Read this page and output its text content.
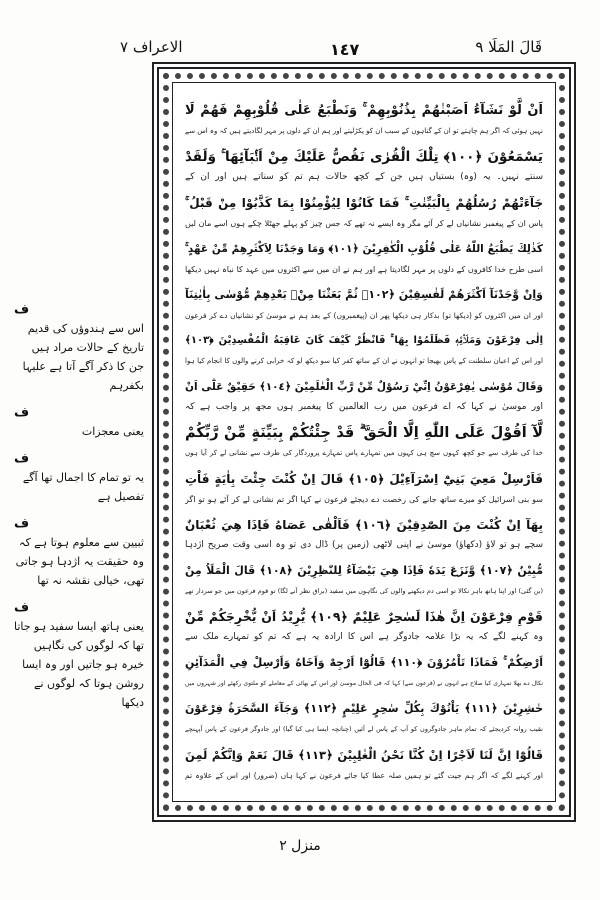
قَالَ المَلَا ٩
١٤٧
الاعراف ٧
اَنْ لَّوْ نَشَآءُ اَصَبْنٰهُمْ بِذُنُوْبِهِمْ ۚ وَنَطْبَعُ عَلٰى قُلُوْبِهِمْ فَهُمْ لَا
نہیں ہوئی کہ اگر ہم چاہتے تو ان کے گناہوں کے سبب ان کو پکڑلیتے اور ہم ان کے دلوں پر مہر لگادیتے ہیں کہ وہ اس سے
يَسْمَعُوْنَ ﴿١٠٠﴾ تِلْكَ الْقُرٰى نَقُصُّ عَلَيْكَ مِنْ اَنْۢبَآئِهَا ۚ وَلَقَدْ
سنتے نہیں۔ یہ (وہ) بستیاں ہیں جن کے کچھ حالات ہم تم کو سناتے ہیں اور ان کے
جَآءَتْهُمْ رُسُلُهُمْ بِالْبَيِّنٰتِ ۚ فَمَا كَانُوْا لِيُؤْمِنُوْا بِمَا كَذَّبُوْا مِنْ قَبْلُ ۚ
پاس ان کے پیغمبر نشانیاں لے کر آئے مگر وہ ایسے نہ تھے کہ جس چیز کو پہلے جھٹلا چکے ہوں اسے مان لیں
كَذٰلِكَ يَطْبَعُ اللّٰهُ عَلٰى قُلُوْبِ الْكٰفِرِيْنَ ﴿١٠١﴾ وَمَا وَجَدْنَا لِاَكْثَرِهِمْ مِّنْ عَهْدٍ ۚ
اسی طرح خدا کافروں کے دلوں پر مہر لگادیتا ہے اور ہم نے ان میں سے اکثروں میں عہد کا نباہ نہیں دیکھا
وَاِنْ وَّجَدْنَآ اَكْثَرَهُمْ لَفٰسِقِيْنَ ﴿١٠٢﴾ ثُمَّ بَعَثْنَا مِنْۢ بَعْدِهِمْ مُّوْسٰى بِاٰيٰتِنَآ
اور ان میں اکثروں کو (دیکھا تو) بدکار ہی دیکھا پھر ان (پیغمبروں) کے بعد ہم نے موسیٰ کو نشانیاں دے کر فرعون
اِلٰى فِرْعَوْنَ وَمَلَا۟ئِهٖ فَظَلَمُوْا بِهَا ۚ فَانْظُرْ كَيْفَ كَانَ عَاقِبَةُ الْمُفْسِدِيْنَ ﴿١٠٣﴾
اور اس کے اعیان سلطنت کے پاس بھیجا تو انہوں نے ان کے ساتھ کفر کیا سو دیکھ لو کہ خرابی کرنے والوں کا انجام کیا ہوا
وَقَالَ مُوْسٰى يٰفِرْعَوْنُ اِنِّيْ رَسُوْلٌ مِّنْ رَّبِّ الْعٰلَمِيْنَ ﴿١٠٤﴾ حَقِيْقٌ عَلٰٓى اَنْ
اور موسیٰ نے کہا کہ اے فرعون میں رب العالمین کا پیغمبر ہوں مجھ پر واجب ہے کہ
لَّآ اَقُوْلَ عَلَى اللّٰهِ اِلَّا الْحَقَّ ۗ قَدْ جِئْتُكُمْ بِبَيِّنَةٍ مِّنْ رَّبِّكُمْ
خدا کی طرف سے جو کچھ کہوں سچ ہی کہوں میں تمہارے پاس تمہارے پروردگار کی طرف سے نشانی لے کر آیا ہوں
فَاَرْسِلْ مَعِيَ بَنِيْٓ اِسْرَآءِيْلَ ﴿١٠٥﴾ قَالَ اِنْ كُنْتَ جِئْتَ بِاٰيَةٍ فَاْتِ
سو بنی اسرائیل کو میرے ساتھ جانے کی رخصت دے دیجئے فرعون نے کہا اگر تم نشانی لے کر آئے ہو تو اگر
بِهَآ اِنْ كُنْتَ مِنَ الصّٰدِقِيْنَ ﴿١٠٦﴾ فَاَلْقٰى عَصَاهُ فَاِذَا هِيَ ثُعْبَانٌ
سچے ہو تو لاؤ (دکھاؤ) موسیٰ نے اپنی لاٹھی (زمین پر) ڈال دی تو وہ اسی وقت صریح اژدہا
مُّبِيْنٌ ﴿١٠٧﴾ وَّنَزَعَ يَدَهٗ فَاِذَا هِيَ بَيْضَآءُ لِلنّٰظِرِيْنَ ﴿١٠٨﴾ قَالَ الْمَلَاُ مِنْ
(بن گئی) اور اپنا ہاتھ باہر نکالا تو اسی دم دیکھنے والوں کی نگاہوں میں سفید (براق نظر آنے لگا) تو قوم فرعون میں جو سردار تھے
قَوْمِ فِرْعَوْنَ اِنَّ هٰذَا لَسٰحِرٌ عَلِيْمٌ ﴿١٠٩﴾ يُّرِيْدُ اَنْ يُّخْرِجَكُمْ مِّنْ
وہ کہنے لگے کہ یہ بڑا علامہ جادوگر ہے اس کا ارادہ یہ ہے کہ تم کو تمہارے ملک سے
اَرْضِكُمْ ۚ فَمَاذَا تَاْمُرُوْنَ ﴿١١٠﴾ قَالُوْٓا اَرْجِهْ وَاَخَاهُ وَاَرْسِلْ فِي الْمَدَآئِنِ
نکال دے بھلا تمہاری کیا صلاح ہے انہوں نے (فرعون سے) کہا کہ فی الحال موسیٰ اور اس کے بھائی کے معاملے کو ملتوی رکھئے اور شہروں میں
حٰشِرِيْنَ ﴿١١١﴾ يَاْتُوْكَ بِكُلِّ سٰحِرٍ عَلِيْمٍ ﴿١١٢﴾ وَجَآءَ السَّحَرَةُ فِرْعَوْنَ
نقیب روانہ کردیجئے کہ تمام ماہر جادوگروں کو آپ کے پاس لے آئیں (چنانچہ ایسا ہی کیا گیا) اور جادوگر فرعون کے پاس آپہنچے
قَالُوْٓا اِنَّ لَنَا لَاَجْرًا اِنْ كُنَّا نَحْنُ الْغٰلِبِيْنَ ﴿١١٣﴾ قَالَ نَعَمْ وَاِنَّكُمْ لَمِنَ
اور کہنے لگے کہ اگر ہم جیت گئے تو ہمیں صلہ عطا کیا جائے فرعون نے کہا ہاں (ضرور) اور اس کے علاوہ تم
ف
اس سے ہندوؤں کی قدیم تاریخ کے حالات مراد ہیں جن کا ذکر آگے آتا ہے علیہا بکفرہم
ف
یعنی معجزات
ف
یہ تو تمام کا اجمال تھا آگے تفصیل ہے
ف
ثبیین سے معلوم ہوتا ہے کہ وہ حقیقت یہ اژدہا ہو جاتی تھی، خیالی نقشہ نہ تھا
ف
یعنی ہاتھ ایسا سفید ہو جاتا تھا کہ لوگوں کی نگاہیں خیرہ ہو جاتیں اور وہ ایسا روشن ہوتا کہ لوگوں نے دیکھا
منزل ٢
